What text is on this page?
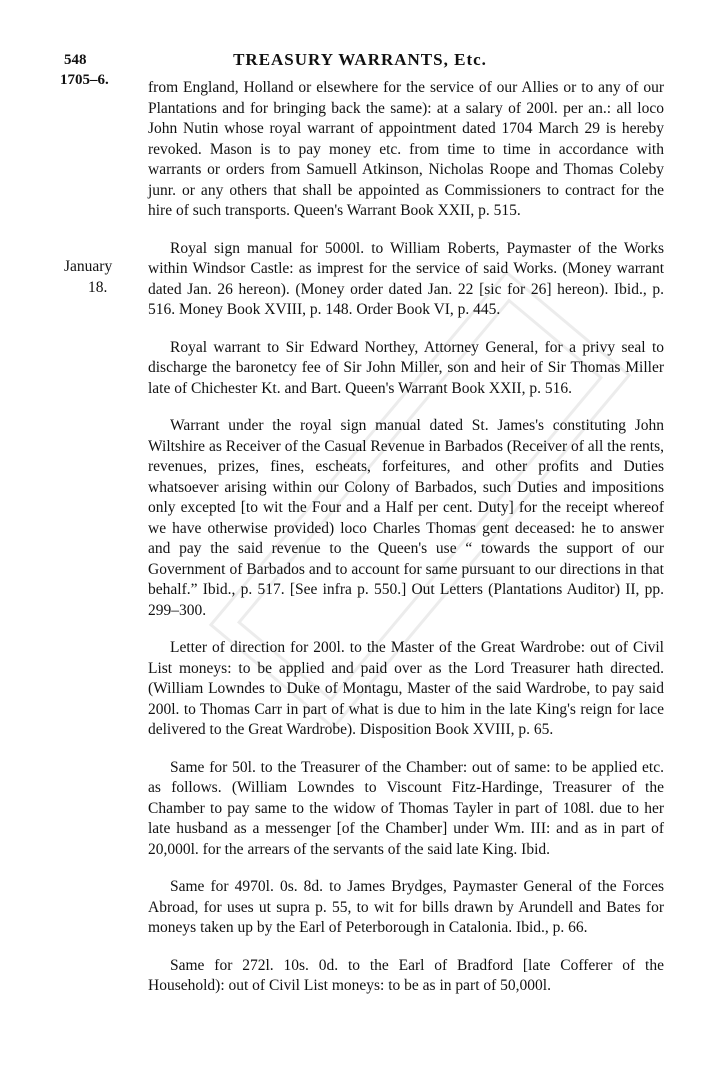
548	TREASURY WARRANTS, Etc.
1705–6.
January
18.

from England, Holland or elsewhere for the service of our Allies or to any of our Plantations and for bringing back the same): at a salary of 200l. per an.: all loco John Nutin whose royal warrant of appointment dated 1704 March 29 is hereby revoked. Mason is to pay money etc. from time to time in accordance with warrants or orders from Samuell Atkinson, Nicholas Roope and Thomas Coleby junr. or any others that shall be appointed as Commissioners to contract for the hire of such transports. Queen's Warrant Book XXII, p. 515.

Royal sign manual for 5000l. to William Roberts, Paymaster of the Works within Windsor Castle: as imprest for the service of said Works. (Money warrant dated Jan. 26 hereon). (Money order dated Jan. 22 [sic for 26] hereon). Ibid., p. 516. Money Book XVIII, p. 148. Order Book VI, p. 445.

Royal warrant to Sir Edward Northey, Attorney General, for a privy seal to discharge the baronetcy fee of Sir John Miller, son and heir of Sir Thomas Miller late of Chichester Kt. and Bart. Queen's Warrant Book XXII, p. 516.

Warrant under the royal sign manual dated St. James's constituting John Wiltshire as Receiver of the Casual Revenue in Barbados (Receiver of all the rents, revenues, prizes, fines, escheats, forfeitures, and other profits and Duties whatsoever arising within our Colony of Barbados, such Duties and impositions only excepted [to wit the Four and a Half per cent. Duty] for the receipt whereof we have otherwise provided) loco Charles Thomas gent deceased: he to answer and pay the said revenue to the Queen's use “ towards the support of our Government of Barbados and to account for same pursuant to our directions in that behalf.” Ibid., p. 517. [See infra p. 550.] Out Letters (Plantations Auditor) II, pp. 299–300.

Letter of direction for 200l. to the Master of the Great Wardrobe: out of Civil List moneys: to be applied and paid over as the Lord Treasurer hath directed. (William Lowndes to Duke of Montagu, Master of the said Wardrobe, to pay said 200l. to Thomas Carr in part of what is due to him in the late King's reign for lace delivered to the Great Wardrobe). Disposition Book XVIII, p. 65.

Same for 50l. to the Treasurer of the Chamber: out of same: to be applied etc. as follows. (William Lowndes to Viscount Fitz-Hardinge, Treasurer of the Chamber to pay same to the widow of Thomas Tayler in part of 108l. due to her late husband as a messenger [of the Chamber] under Wm. III: and as in part of 20,000l. for the arrears of the servants of the said late King. Ibid.

Same for 4970l. 0s. 8d. to James Brydges, Paymaster General of the Forces Abroad, for uses ut supra p. 55, to wit for bills drawn by Arundell and Bates for moneys taken up by the Earl of Peterborough in Catalonia. Ibid., p. 66.

Same for 272l. 10s. 0d. to the Earl of Bradford [late Cofferer of the Household): out of Civil List moneys: to be as in part of 50,000l.
